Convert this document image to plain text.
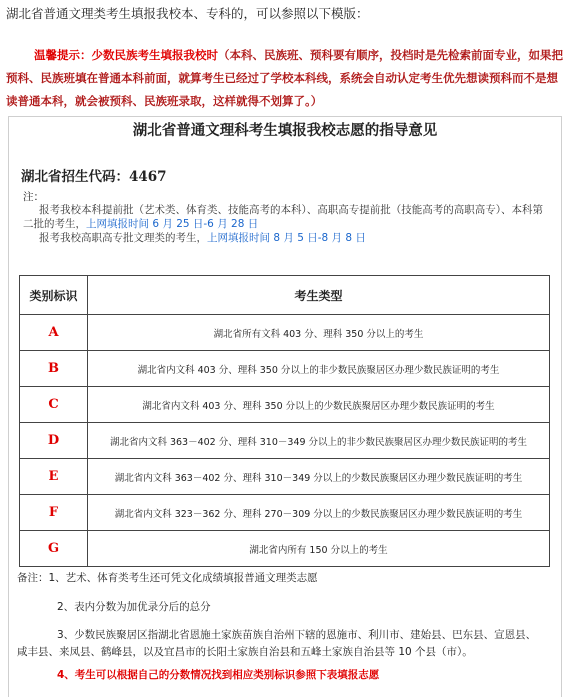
湖北省普通文理类考生填报我校本、专科的，可以参照以下模版：
温馨提示：少数民族考生填报我校时（本科、民族班、预科要有顺序，投档时是先检索前面专业，如果把预科、民族班填在普通本科前面，就算考生已经过了学校本科线，系统会自动认定考生优先想读预科而不是想读普通本科，就会被预科、民族班录取，这样就得不划算了。）
湖北省普通文理科考生填报我校志愿的指导意见
湖北省招生代码：4467
注：
报考我校本科提前批（艺术类、体育类、技能高考的本科）、高职高专提前批（技能高考的高职高专）、本科第二批的考生，上网填报时间 6 月 25 日-6 月 28 日
报考我校高职高专批文理类的考生，上网填报时间 8 月 5 日-8 月 8 日
类别标识	考生类型
A	湖北省所有文科 403 分、理科 350 分以上的考生
B	湖北省内文科 403 分、理科 350 分以上的非少数民族聚居区办理少数民族证明的考生
C	湖北省内文科 403 分、理科 350 分以上的少数民族聚居区办理少数民族证明的考生
D	湖北省内文科 363－402 分、理科 310－349 分以上的非少数民族聚居区办理少数民族证明的考生
E	湖北省内文科 363－402 分、理科 310－349 分以上的少数民族聚居区办理少数民族证明的考生
F	湖北省内文科 323－362 分、理科 270－309 分以上的少数民族聚居区办理少数民族证明的考生
G	湖北省内所有 150 分以上的考生
备注：1、艺术、体育类考生还可凭文化成绩填报普通文理类志愿
2、表内分数为加优录分后的总分
3、少数民族聚居区指湖北省恩施土家族苗族自治州下辖的恩施市、利川市、建始县、巴东县、宣恩县、咸丰县、来凤县、鹤峰县，以及宜昌市的长阳土家族自治县和五峰土家族自治县等 10 个县（市）。
4、考生可以根据自己的分数情况找到相应类别标识参照下表填报志愿
